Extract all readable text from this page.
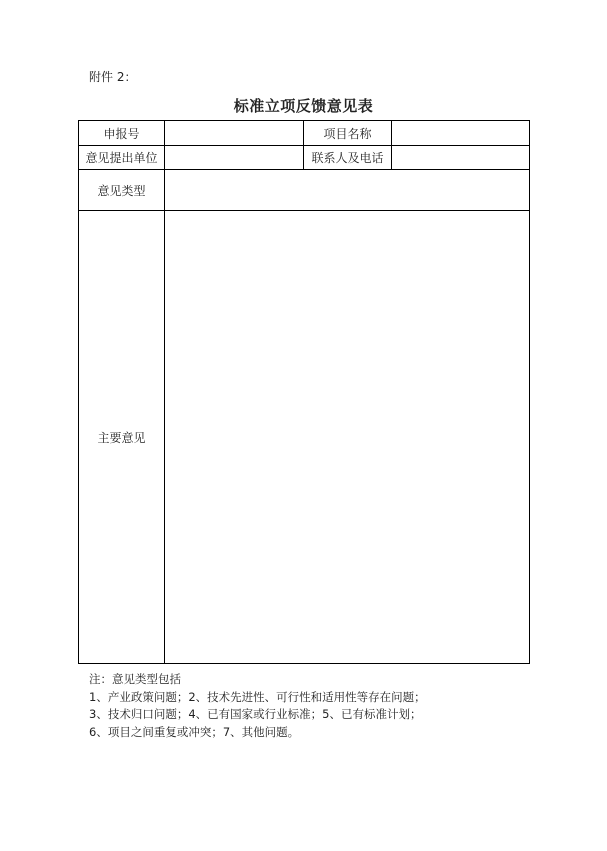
附件 2：
标准立项反馈意见表
申报号		项目名称	
意见提出单位		联系人及电话	
意见类型			
主要意见			
注：意见类型包括
1、产业政策问题；2、技术先进性、可行性和适用性等存在问题；
3、技术归口问题；4、已有国家或行业标准；5、已有标准计划；
6、项目之间重复或冲突；7、其他问题。
